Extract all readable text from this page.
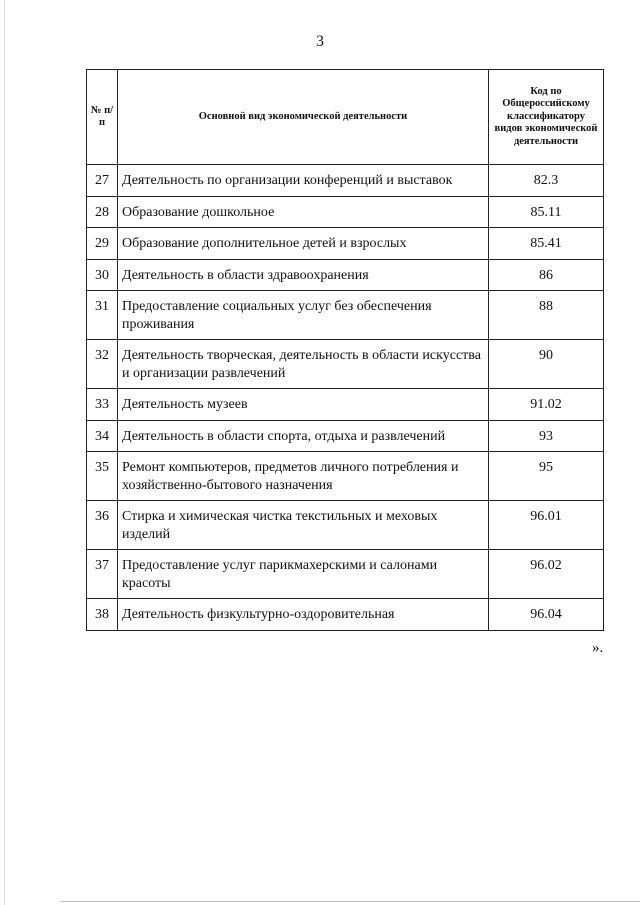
3
№ п/п	Основной вид экономической деятельности	Код по Общероссийскому классификатору видов экономической деятельности
27	Деятельность по организации конференций и выставок	82.3
28	Образование дошкольное	85.11
29	Образование дополнительное детей и взрослых	85.41
30	Деятельность в области здравоохранения	86
31	Предоставление социальных услуг без обеспечения проживания	88
32	Деятельность творческая, деятельность в области искусства и организации развлечений	90
33	Деятельность музеев	91.02
34	Деятельность в области спорта, отдыха и развлечений	93
35	Ремонт компьютеров, предметов личного потребления и хозяйственно-бытового назначения	95
36	Стирка и химическая чистка текстильных и меховых изделий	96.01
37	Предоставление услуг парикмахерскими и салонами красоты	96.02
38	Деятельность физкультурно-оздоровительная	96.04
».
